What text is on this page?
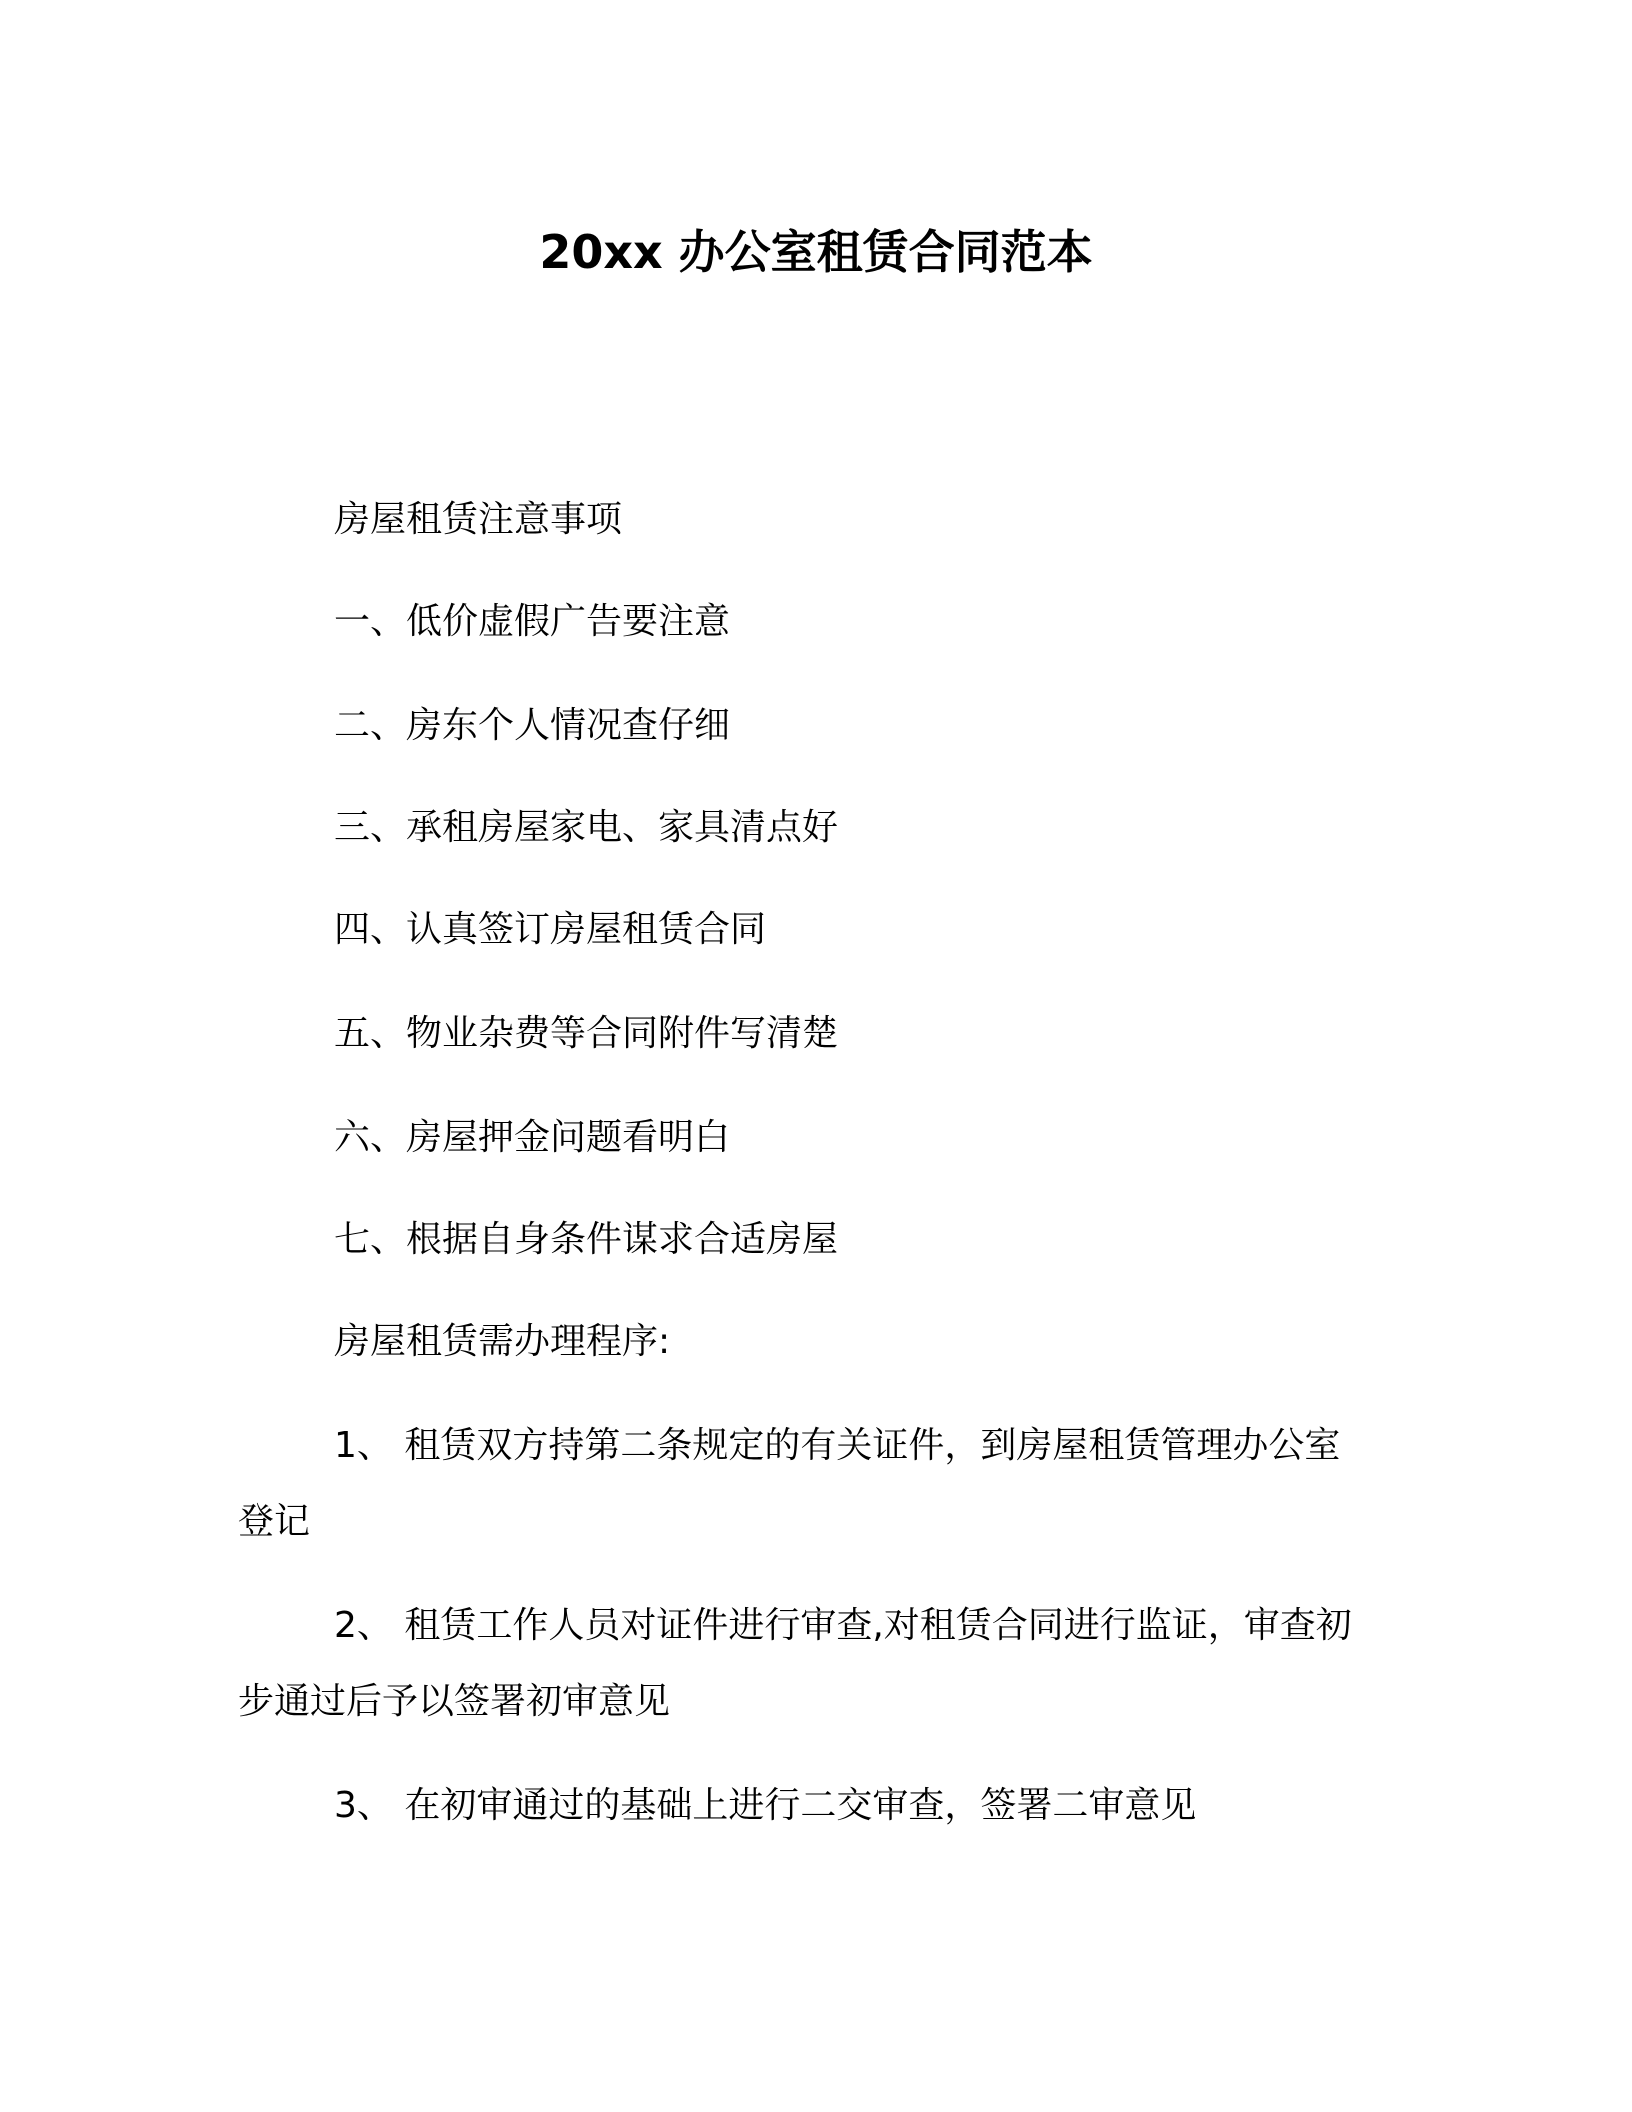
20xx 办公室租赁合同范本

房屋租赁注意事项

一、低价虚假广告要注意

二、房东个人情况查仔细

三、承租房屋家电、家具清点好

四、认真签订房屋租赁合同

五、物业杂费等合同附件写清楚

六、房屋押金问题看明白

七、根据自身条件谋求合适房屋

房屋租赁需办理程序:

1、 租赁双方持第二条规定的有关证件，到房屋租赁管理办公室

登记

2、 租赁工作人员对证件进行审查,对租赁合同进行监证，审查初

步通过后予以签署初审意见

3、 在初审通过的基础上进行二交审查，签署二审意见
